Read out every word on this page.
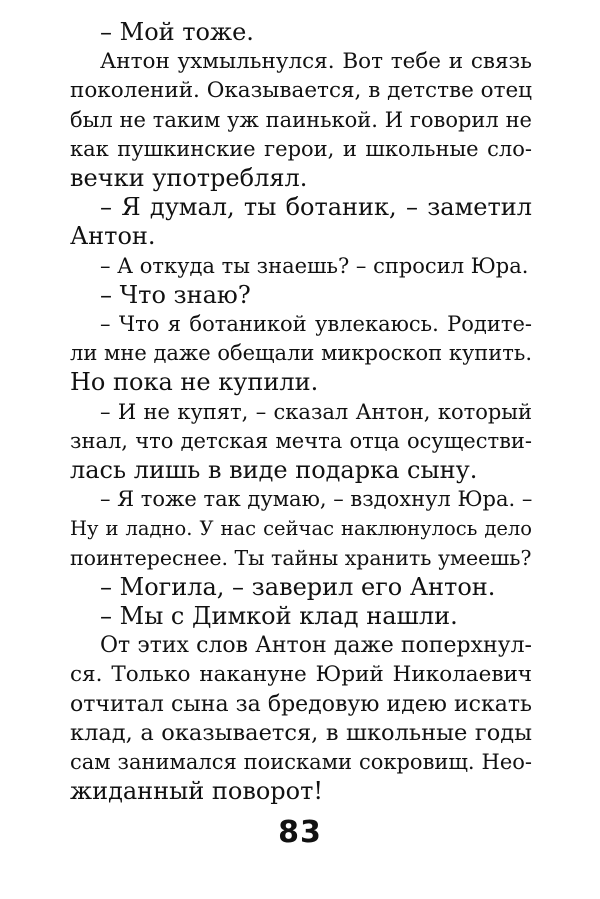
– Мой тоже.

Антон ухмыльнулся. Вот тебе и связь
поколений. Оказывается, в детстве отец
был не таким уж паинькой. И говорил не
как пушкинские герои, и школьные сло-
вечки употреблял.

– Я думал, ты ботаник, – заметил
Антон.

– А откуда ты знаешь? – спросил Юра.

– Что знаю?

– Что я ботаникой увлекаюсь. Родите-
ли мне даже обещали микроскоп купить.
Но пока не купили.

– И не купят, – сказал Антон, который
знал, что детская мечта отца осуществи-
лась лишь в виде подарка сыну.

– Я тоже так думаю, – вздохнул Юра. –
Ну и ладно. У нас сейчас наклюнулось дело
поинтереснее. Ты тайны хранить умеешь?

– Могила, – заверил его Антон.

– Мы с Димкой клад нашли.

От этих слов Антон даже поперхнул-
ся. Только накануне Юрий Николаевич
отчитал сына за бредовую идею искать
клад, а оказывается, в школьные годы
сам занимался поисками сокровищ. Нео-
жиданный поворот!

83
